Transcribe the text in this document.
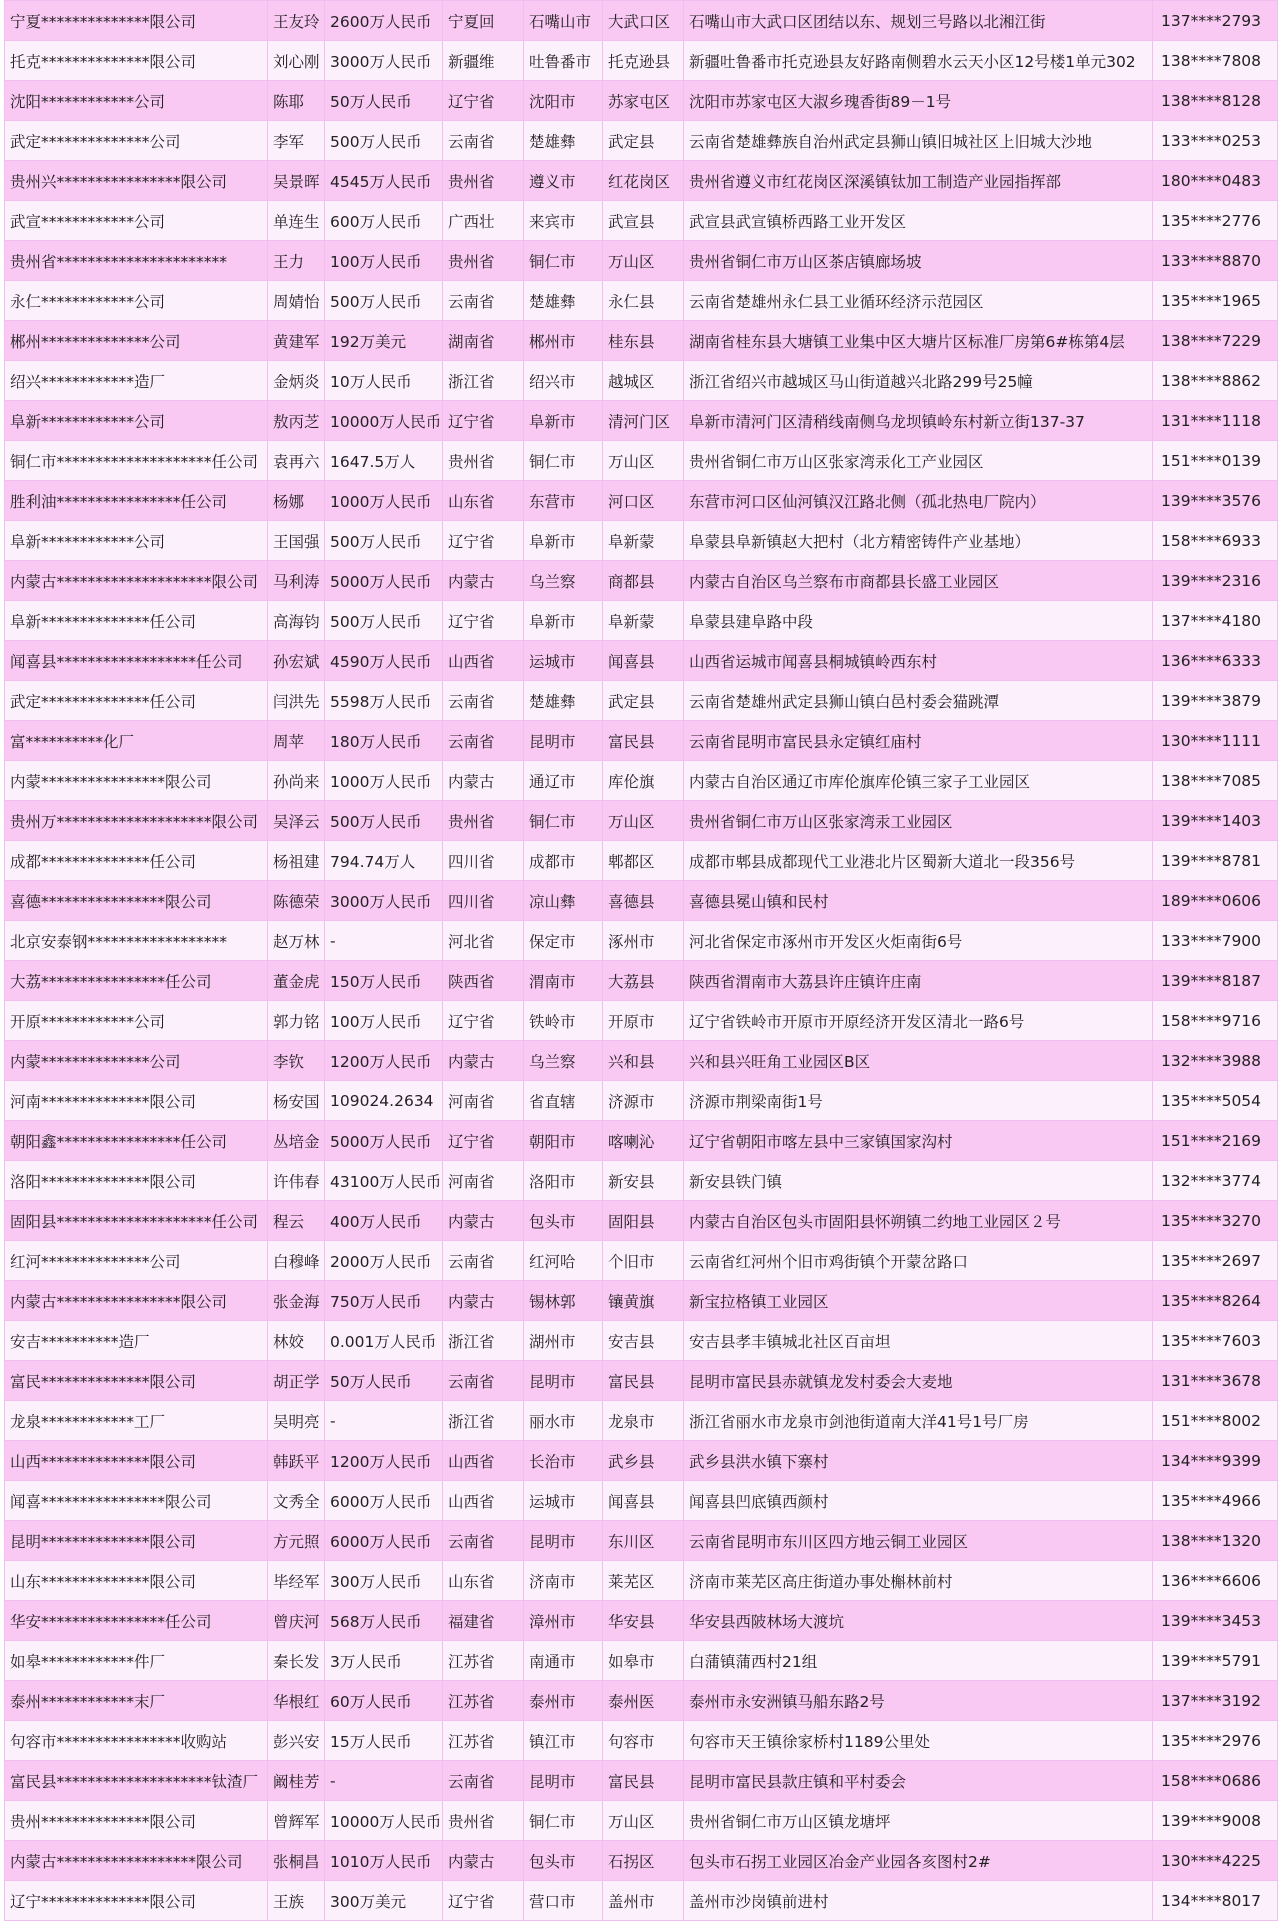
宁夏**************限公司	王友玲	2600万人民币	宁夏回	石嘴山市	大武口区	石嘴山市大武口区团结以东、规划三号路以北湘江街	137****2793
托克**************限公司	刘心刚	3000万人民币	新疆维	吐鲁番市	托克逊县	新疆吐鲁番市托克逊县友好路南侧碧水云天小区12号楼1单元302	138****7808
沈阳************公司	陈耶	50万人民币	辽宁省	沈阳市	苏家屯区	沈阳市苏家屯区大淑乡瑰香街89－1号	138****8128
武定**************公司	李军	500万人民币	云南省	楚雄彝	武定县	云南省楚雄彝族自治州武定县狮山镇旧城社区上旧城大沙地	133****0253
贵州兴****************限公司	吴景晖	4545万人民币	贵州省	遵义市	红花岗区	贵州省遵义市红花岗区深溪镇钛加工制造产业园指挥部	180****0483
武宣************公司	单连生	600万人民币	广西壮	来宾市	武宣县	武宣县武宣镇桥西路工业开发区	135****2776
贵州省**********************	王力	100万人民币	贵州省	铜仁市	万山区	贵州省铜仁市万山区茶店镇廊场坡	133****8870
永仁************公司	周婧怡	500万人民币	云南省	楚雄彝	永仁县	云南省楚雄州永仁县工业循环经济示范园区	135****1965
郴州**************公司	黄建军	192万美元	湖南省	郴州市	桂东县	湖南省桂东县大塘镇工业集中区大塘片区标准厂房第6#栋第4层	138****7229
绍兴************造厂	金炳炎	10万人民币	浙江省	绍兴市	越城区	浙江省绍兴市越城区马山街道越兴北路299号25幢	138****8862
阜新************公司	敖丙芝	10000万人民币	辽宁省	阜新市	清河门区	阜新市清河门区清稍线南侧乌龙坝镇岭东村新立街137-37	131****1118
铜仁市********************任公司	袁再六	1647.5万人	贵州省	铜仁市	万山区	贵州省铜仁市万山区张家湾汞化工产业园区	151****0139
胜利油****************任公司	杨娜	1000万人民币	山东省	东营市	河口区	东营市河口区仙河镇汉江路北侧（孤北热电厂院内）	139****3576
阜新************公司	王国强	500万人民币	辽宁省	阜新市	阜新蒙	阜蒙县阜新镇赵大把村（北方精密铸件产业基地）	158****6933
内蒙古********************限公司	马利涛	5000万人民币	内蒙古	乌兰察	商都县	内蒙古自治区乌兰察布市商都县长盛工业园区	139****2316
阜新**************任公司	高海钧	500万人民币	辽宁省	阜新市	阜新蒙	阜蒙县建阜路中段	137****4180
闻喜县******************任公司	孙宏斌	4590万人民币	山西省	运城市	闻喜县	山西省运城市闻喜县桐城镇岭西东村	136****6333
武定**************任公司	闫洪先	5598万人民币	云南省	楚雄彝	武定县	云南省楚雄州武定县狮山镇白邑村委会猫跳潭	139****3879
富**********化厂	周苹	180万人民币	云南省	昆明市	富民县	云南省昆明市富民县永定镇红庙村	130****1111
内蒙****************限公司	孙尚来	1000万人民币	内蒙古	通辽市	库伦旗	内蒙古自治区通辽市库伦旗库伦镇三家子工业园区	138****7085
贵州万********************限公司	吴泽云	500万人民币	贵州省	铜仁市	万山区	贵州省铜仁市万山区张家湾汞工业园区	139****1403
成都**************任公司	杨祖建	794.74万人	四川省	成都市	郫都区	成都市郫县成都现代工业港北片区蜀新大道北一段356号	139****8781
喜德****************限公司	陈德荣	3000万人民币	四川省	凉山彝	喜德县	喜德县冕山镇和民村	189****0606
北京安泰钢******************	赵万林	-	河北省	保定市	涿州市	河北省保定市涿州市开发区火炬南街6号	133****7900
大荔****************任公司	董金虎	150万人民币	陕西省	渭南市	大荔县	陕西省渭南市大荔县许庄镇许庄南	139****8187
开原************公司	郭力铭	100万人民币	辽宁省	铁岭市	开原市	辽宁省铁岭市开原市开原经济开发区清北一路6号	158****9716
内蒙**************公司	李钦	1200万人民币	内蒙古	乌兰察	兴和县	兴和县兴旺角工业园区B区	132****3988
河南**************限公司	杨安国	109024.2634	河南省	省直辖	济源市	济源市荆梁南街1号	135****5054
朝阳鑫****************任公司	丛培金	5000万人民币	辽宁省	朝阳市	喀喇沁	辽宁省朝阳市喀左县中三家镇国家沟村	151****2169
洛阳**************限公司	许伟春	43100万人民币	河南省	洛阳市	新安县	新安县铁门镇	132****3774
固阳县********************任公司	程云	400万人民币	内蒙古	包头市	固阳县	内蒙古自治区包头市固阳县怀朔镇二约地工业园区２号	135****3270
红河**************公司	白穆峰	2000万人民币	云南省	红河哈	个旧市	云南省红河州个旧市鸡街镇个开蒙岔路口	135****2697
内蒙古****************限公司	张金海	750万人民币	内蒙古	锡林郭	镶黄旗	新宝拉格镇工业园区	135****8264
安吉**********造厂	林姣	0.001万人民币	浙江省	湖州市	安吉县	安吉县孝丰镇城北社区百亩坦	135****7603
富民**************限公司	胡正学	50万人民币	云南省	昆明市	富民县	昆明市富民县赤就镇龙发村委会大麦地	131****3678
龙泉************工厂	吴明亮	-	浙江省	丽水市	龙泉市	浙江省丽水市龙泉市剑池街道南大洋41号1号厂房	151****8002
山西**************限公司	韩跃平	1200万人民币	山西省	长治市	武乡县	武乡县洪水镇下寨村	134****9399
闻喜****************限公司	文秀全	6000万人民币	山西省	运城市	闻喜县	闻喜县凹底镇西颜村	135****4966
昆明**************限公司	方元照	6000万人民币	云南省	昆明市	东川区	云南省昆明市东川区四方地云铜工业园区	138****1320
山东**************限公司	毕经军	300万人民币	山东省	济南市	莱芜区	济南市莱芜区高庄街道办事处槲林前村	136****6606
华安****************任公司	曾庆河	568万人民币	福建省	漳州市	华安县	华安县西陂林场大渡坑	139****3453
如皋************件厂	秦长发	3万人民币	江苏省	南通市	如皋市	白蒲镇蒲西村21组	139****5791
泰州************末厂	华根红	60万人民币	江苏省	泰州市	泰州医	泰州市永安洲镇马船东路2号	137****3192
句容市****************收购站	彭兴安	15万人民币	江苏省	镇江市	句容市	句容市天王镇徐家桥村1189公里处	135****2976
富民县********************钛渣厂	阚桂芳	-	云南省	昆明市	富民县	昆明市富民县款庄镇和平村委会	158****0686
贵州**************限公司	曾辉军	10000万人民币	贵州省	铜仁市	万山区	贵州省铜仁市万山区镇龙塘坪	139****9008
内蒙古******************限公司	张桐昌	1010万人民币	内蒙古	包头市	石拐区	包头市石拐工业园区冶金产业园各亥图村2#	130****4225
辽宁**************限公司	王族	300万美元	辽宁省	营口市	盖州市	盖州市沙岗镇前进村	134****8017
